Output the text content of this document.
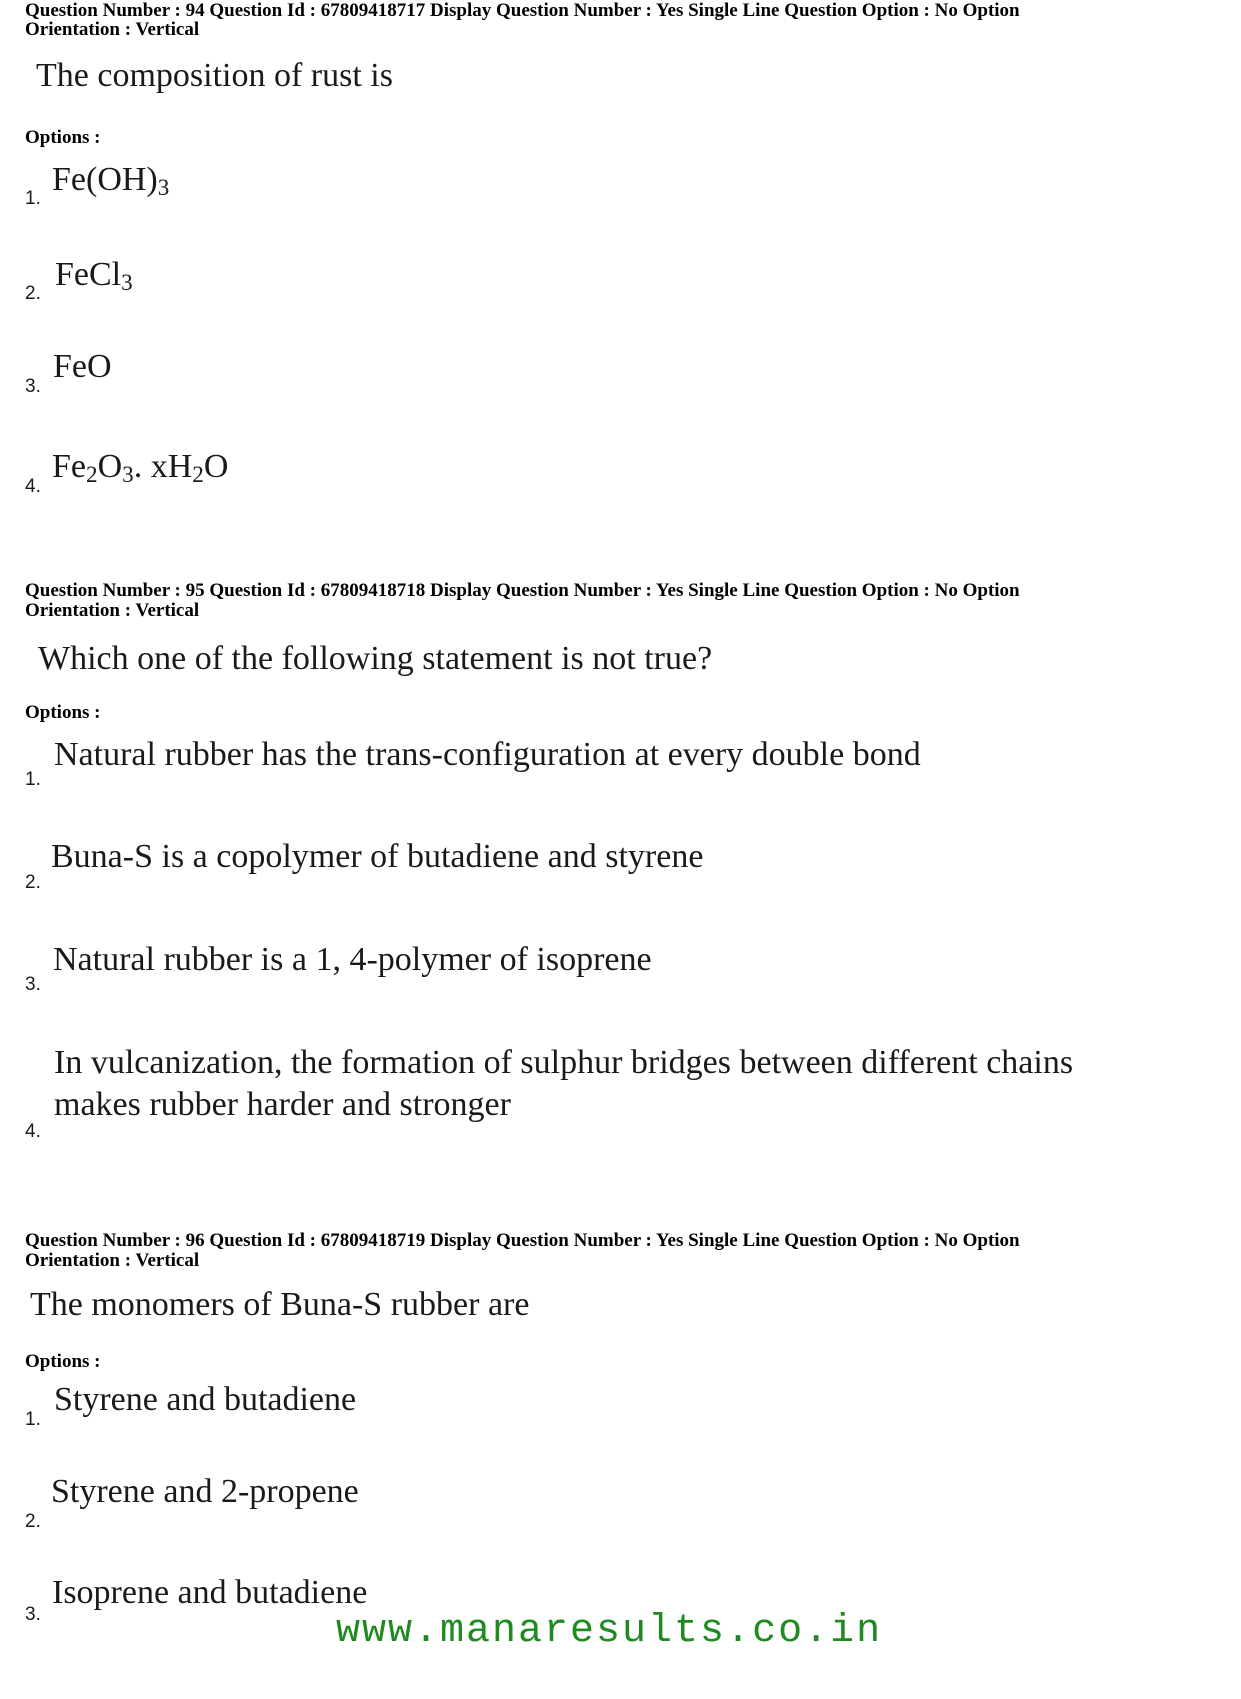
Question Number : 94 Question Id : 67809418717 Display Question Number : Yes Single Line Question Option : No Option
Orientation : Vertical
The composition of rust is
Options :
1.
Fe(OH)3
2.
FeCl3
3.
FeO
4.
Fe2O3. xH2O
Question Number : 95 Question Id : 67809418718 Display Question Number : Yes Single Line Question Option : No Option
Orientation : Vertical
Which one of the following statement is not true?
Options :
1.
Natural rubber has the trans-configuration at every double bond
2.
Buna-S is a copolymer of butadiene and styrene
3.
Natural rubber is a 1, 4-polymer of isoprene
4.
In vulcanization, the formation of sulphur bridges between different chains
makes rubber harder and stronger
Question Number : 96 Question Id : 67809418719 Display Question Number : Yes Single Line Question Option : No Option
Orientation : Vertical
The monomers of Buna-S rubber are
Options :
1.
Styrene and butadiene
2.
Styrene and 2-propene
3.
Isoprene and butadiene
www.manaresults.co.in
